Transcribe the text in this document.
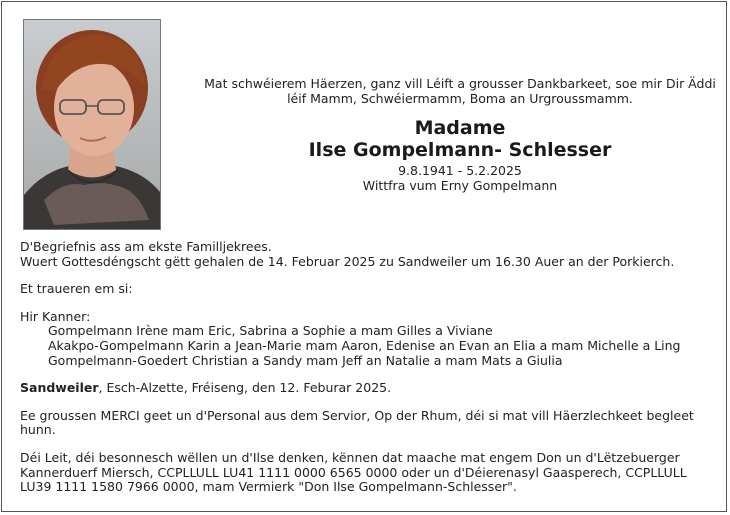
Mat schwéierem Häerzen, ganz vill Léift a grousser Dankbarkeet, soe mir Dir Äddi léif Mamm, Schwéiermamm, Boma an Urgroussmamm.
Madame
Ilse Gompelmann- Schlesser
9.8.1941 - 5.2.2025
Wittfra vum Erny Gompelmann

D'Begriefnis ass am ekste Famillјekrees.

Wuert Gottesdéngscht gëtt gehalen de 14. Februar 2025 zu Sandweiler um 16.30 Auer an der Porkierch.

Et traueren em si:

Hir Kanner:

Gompelmann Irène mam Eric, Sabrina a Sophie a mam Gilles a Viviane

Akakpo-Gompelmann Karin a Jean-Marie mam Aaron, Edenise an Evan an Elia a mam Michelle a Ling

Gompelmann-Goedert Christian a Sandy mam Jeff an Natalie a mam Mats a Giulia

Sandweiler, Esch-Alzette, Fréiseng, den 12. Feburar 2025.

Ee groussen MERCI geet un d'Personal aus dem Servior, Op der Rhum, déi si mat vill Häerzlechkeet begleet hunn.

Déi Leit, déi besonnesch wëllen un d'Ilse denken, kënnen dat maache mat engem Don un d'Lëtzebuerger Kannerduerf Miersch, CCPLLULL LU41 1111 0000 6565 0000 oder un d'Déierenasyl Gaasperech, CCPLLULL LU39 1111 1580 7966 0000, mam Vermierk "Don Ilse Gompelmann-Schlesser".
